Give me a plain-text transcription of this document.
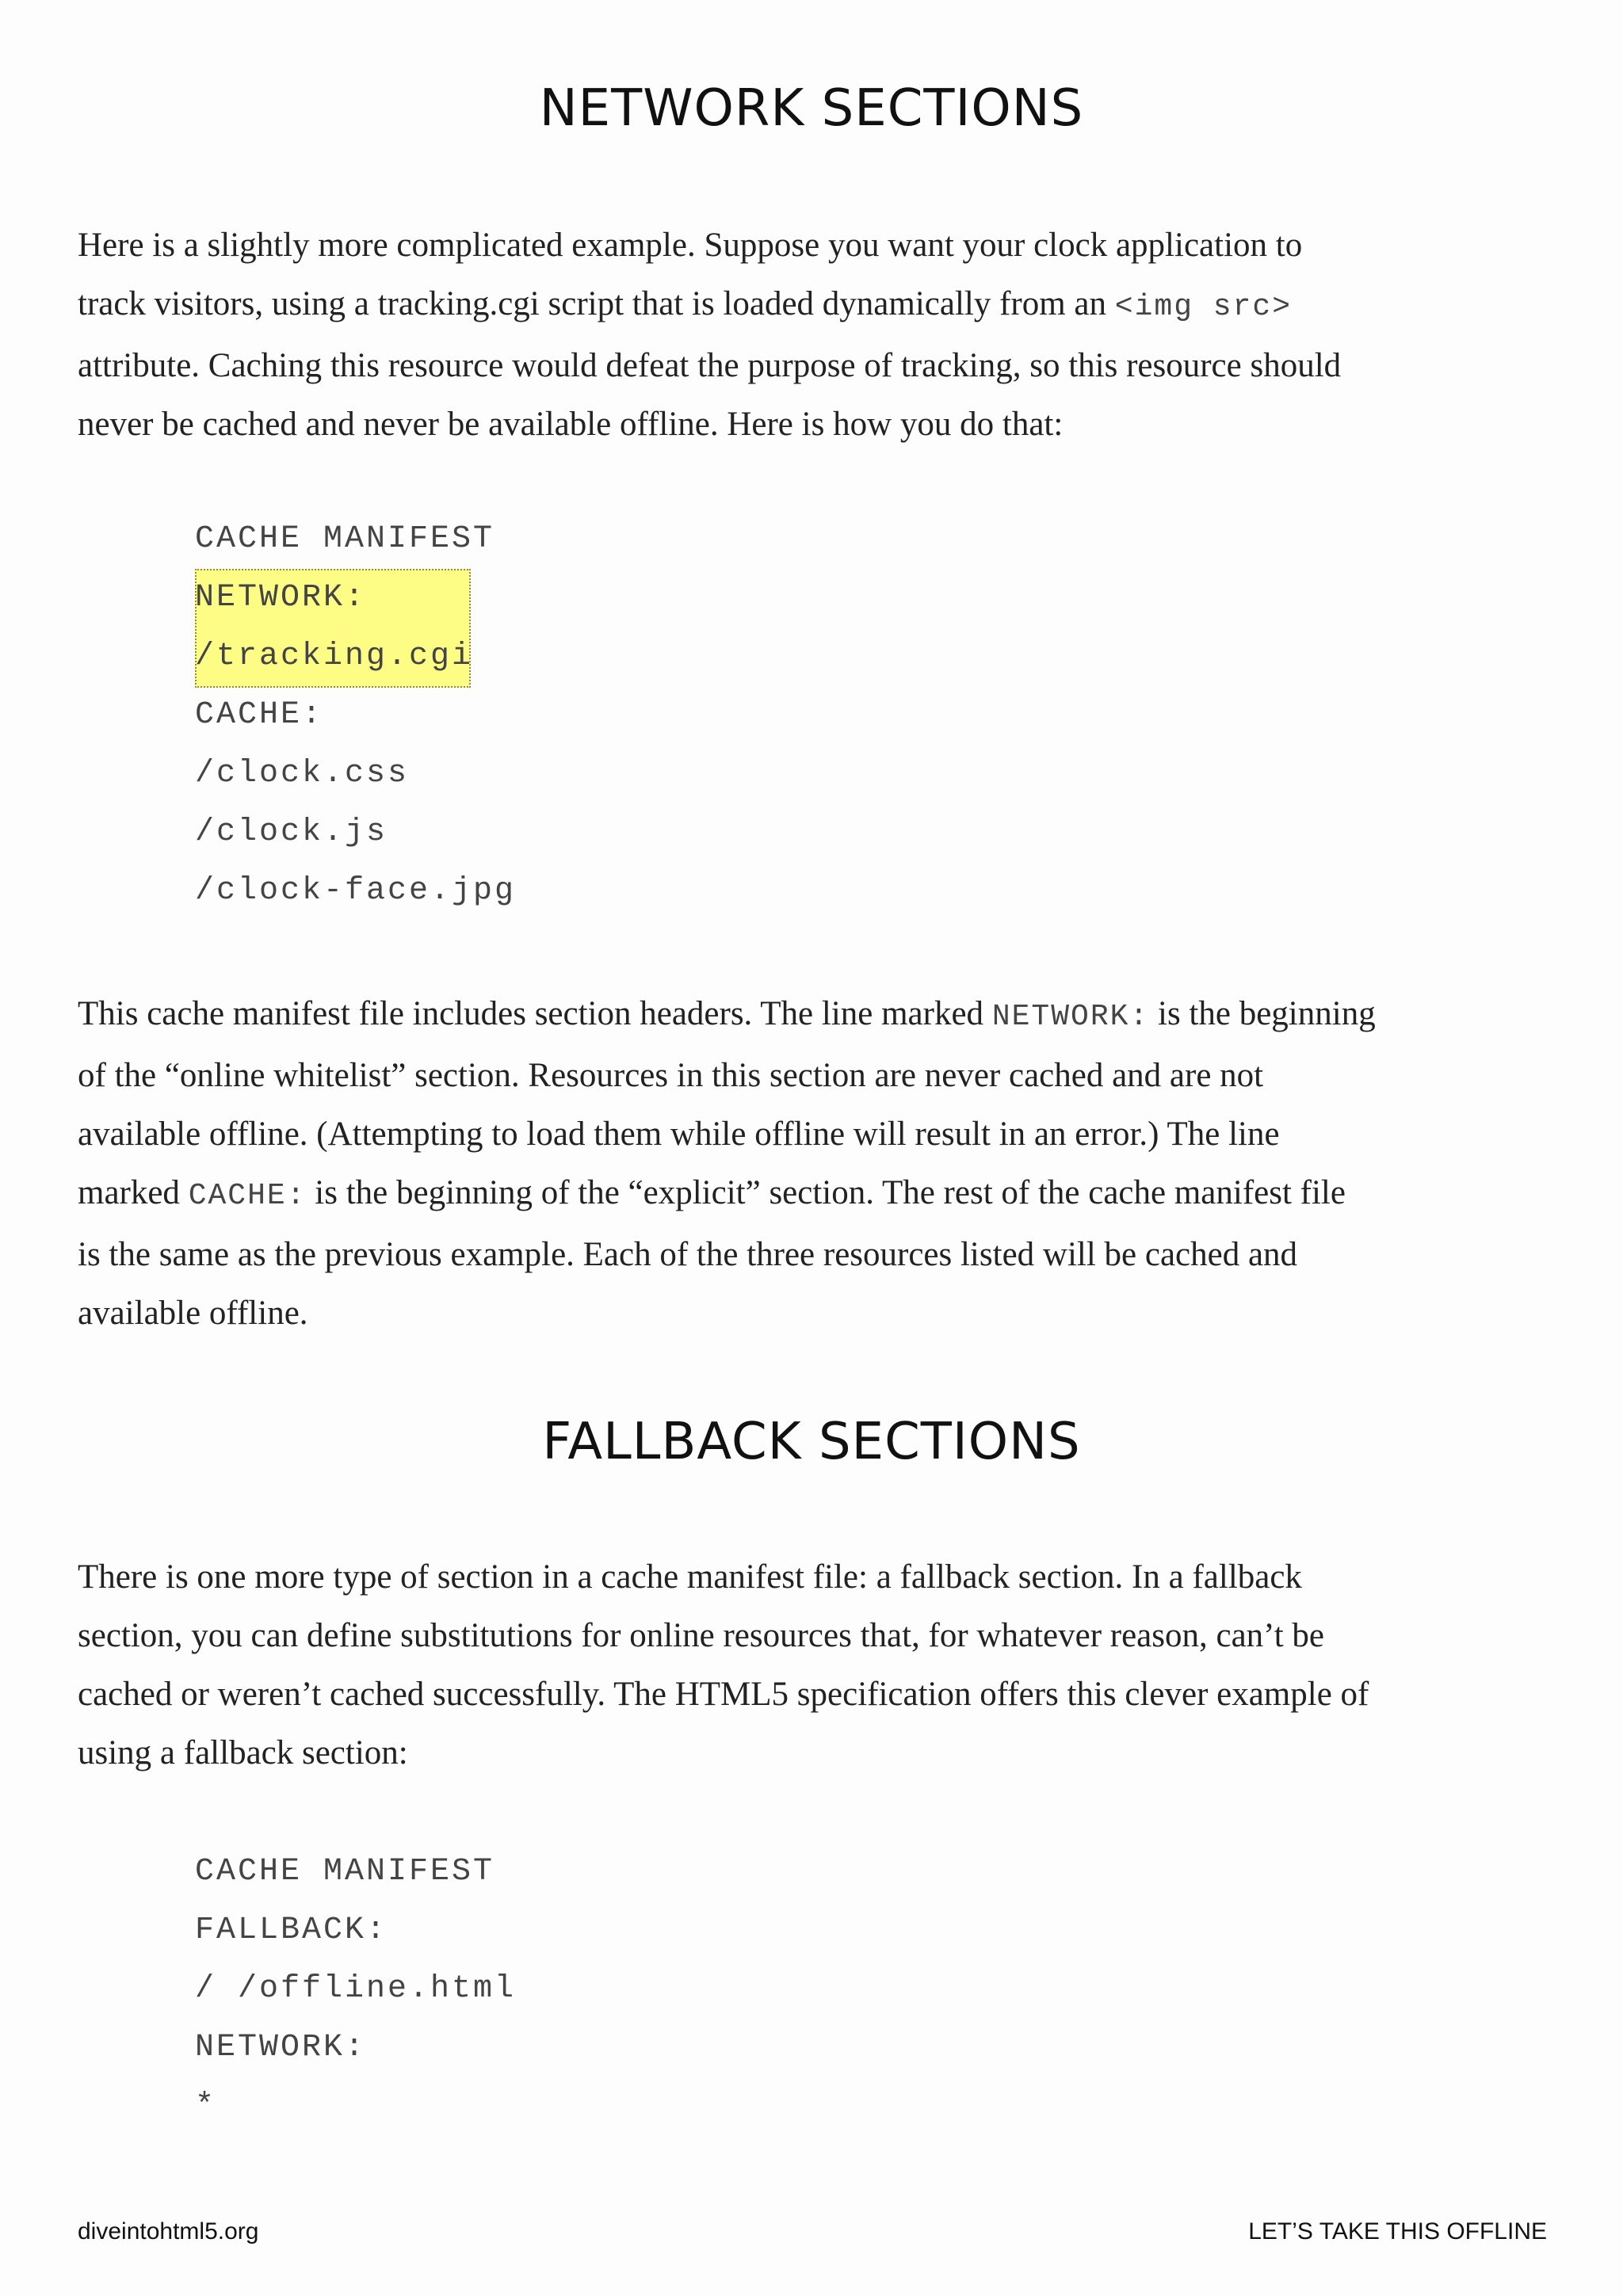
NETWORK SECTIONS

Here is a slightly more complicated example. Suppose you want your clock application to
track visitors, using a tracking.cgi script that is loaded dynamically from an <img src>
attribute. Caching this resource would defeat the purpose of tracking, so this resource should
never be cached and never be available offline. Here is how you do that:

CACHE MANIFEST
NETWORK:
/tracking.cgi
CACHE:
/clock.css
/clock.js
/clock-face.jpg

This cache manifest file includes section headers. The line marked NETWORK: is the beginning
of the “online whitelist” section. Resources in this section are never cached and are not
available offline. (Attempting to load them while offline will result in an error.) The line
marked CACHE: is the beginning of the “explicit” section. The rest of the cache manifest file
is the same as the previous example. Each of the three resources listed will be cached and
available offline.

FALLBACK SECTIONS

There is one more type of section in a cache manifest file: a fallback section. In a fallback
section, you can define substitutions for online resources that, for whatever reason, can’t be
cached or weren’t cached successfully. The HTML5 specification offers this clever example of
using a fallback section:

CACHE MANIFEST
FALLBACK:
/ /offline.html
NETWORK:
*
diveintohtml5.org	LET’S TAKE THIS OFFLINE
